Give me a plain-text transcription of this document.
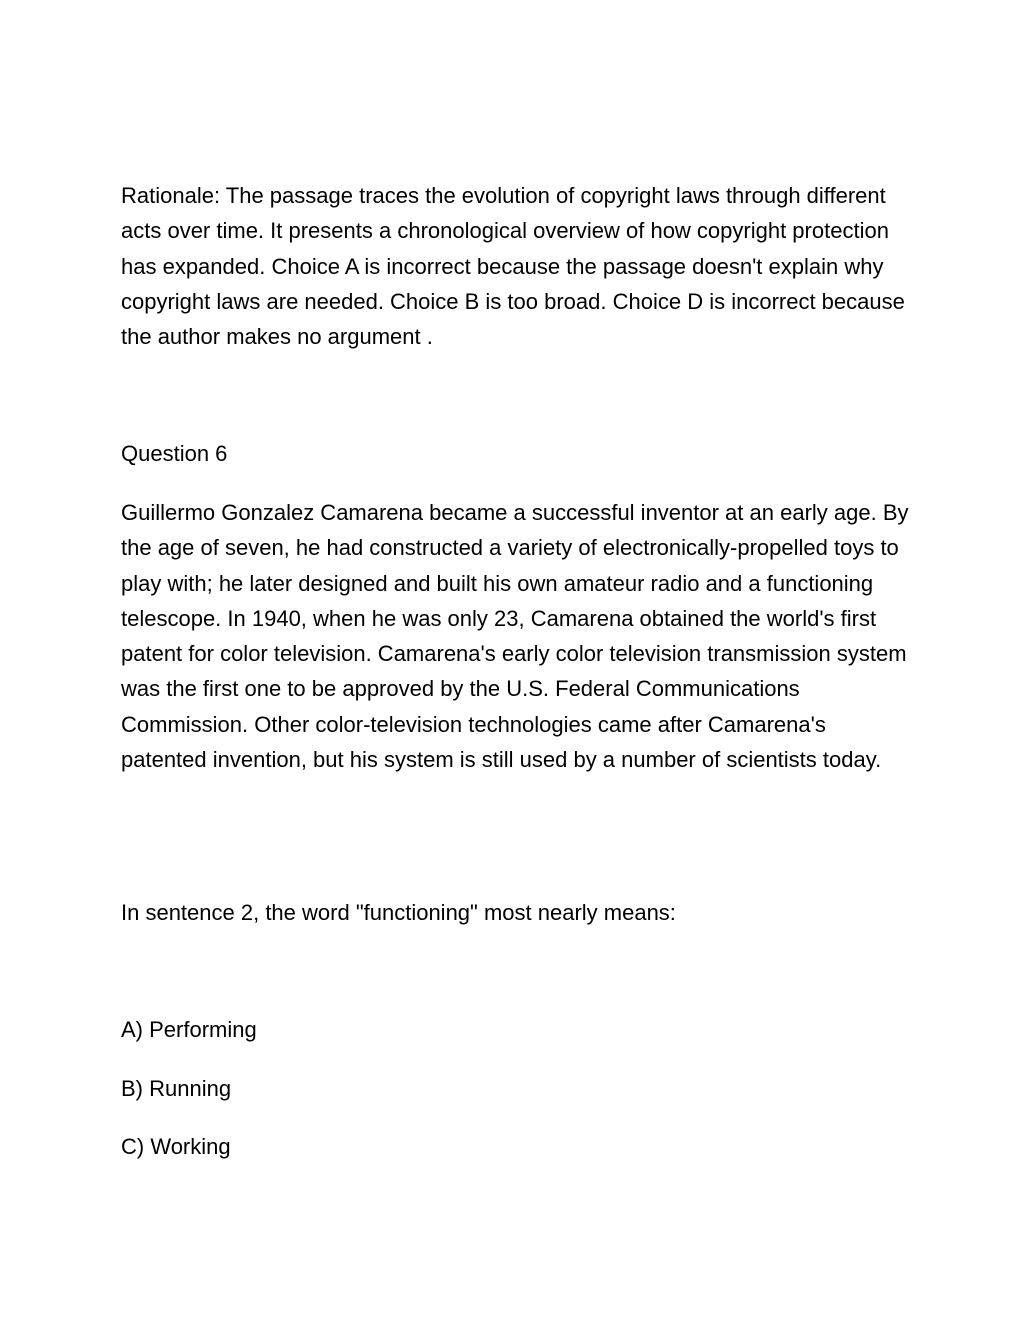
Rationale: The passage traces the evolution of copyright laws through different acts over time. It presents a chronological overview of how copyright protection has expanded. Choice A is incorrect because the passage doesn't explain why copyright laws are needed. Choice B is too broad. Choice D is incorrect because the author makes no argument .

Question 6

Guillermo Gonzalez Camarena became a successful inventor at an early age. By the age of seven, he had constructed a variety of electronically-propelled toys to play with; he later designed and built his own amateur radio and a functioning telescope. In 1940, when he was only 23, Camarena obtained the world's first patent for color television. Camarena's early color television transmission system was the first one to be approved by the U.S. Federal Communications Commission. Other color-television technologies came after Camarena's patented invention, but his system is still used by a number of scientists today.

In sentence 2, the word "functioning" most nearly means:

A) Performing

B) Running

C) Working
